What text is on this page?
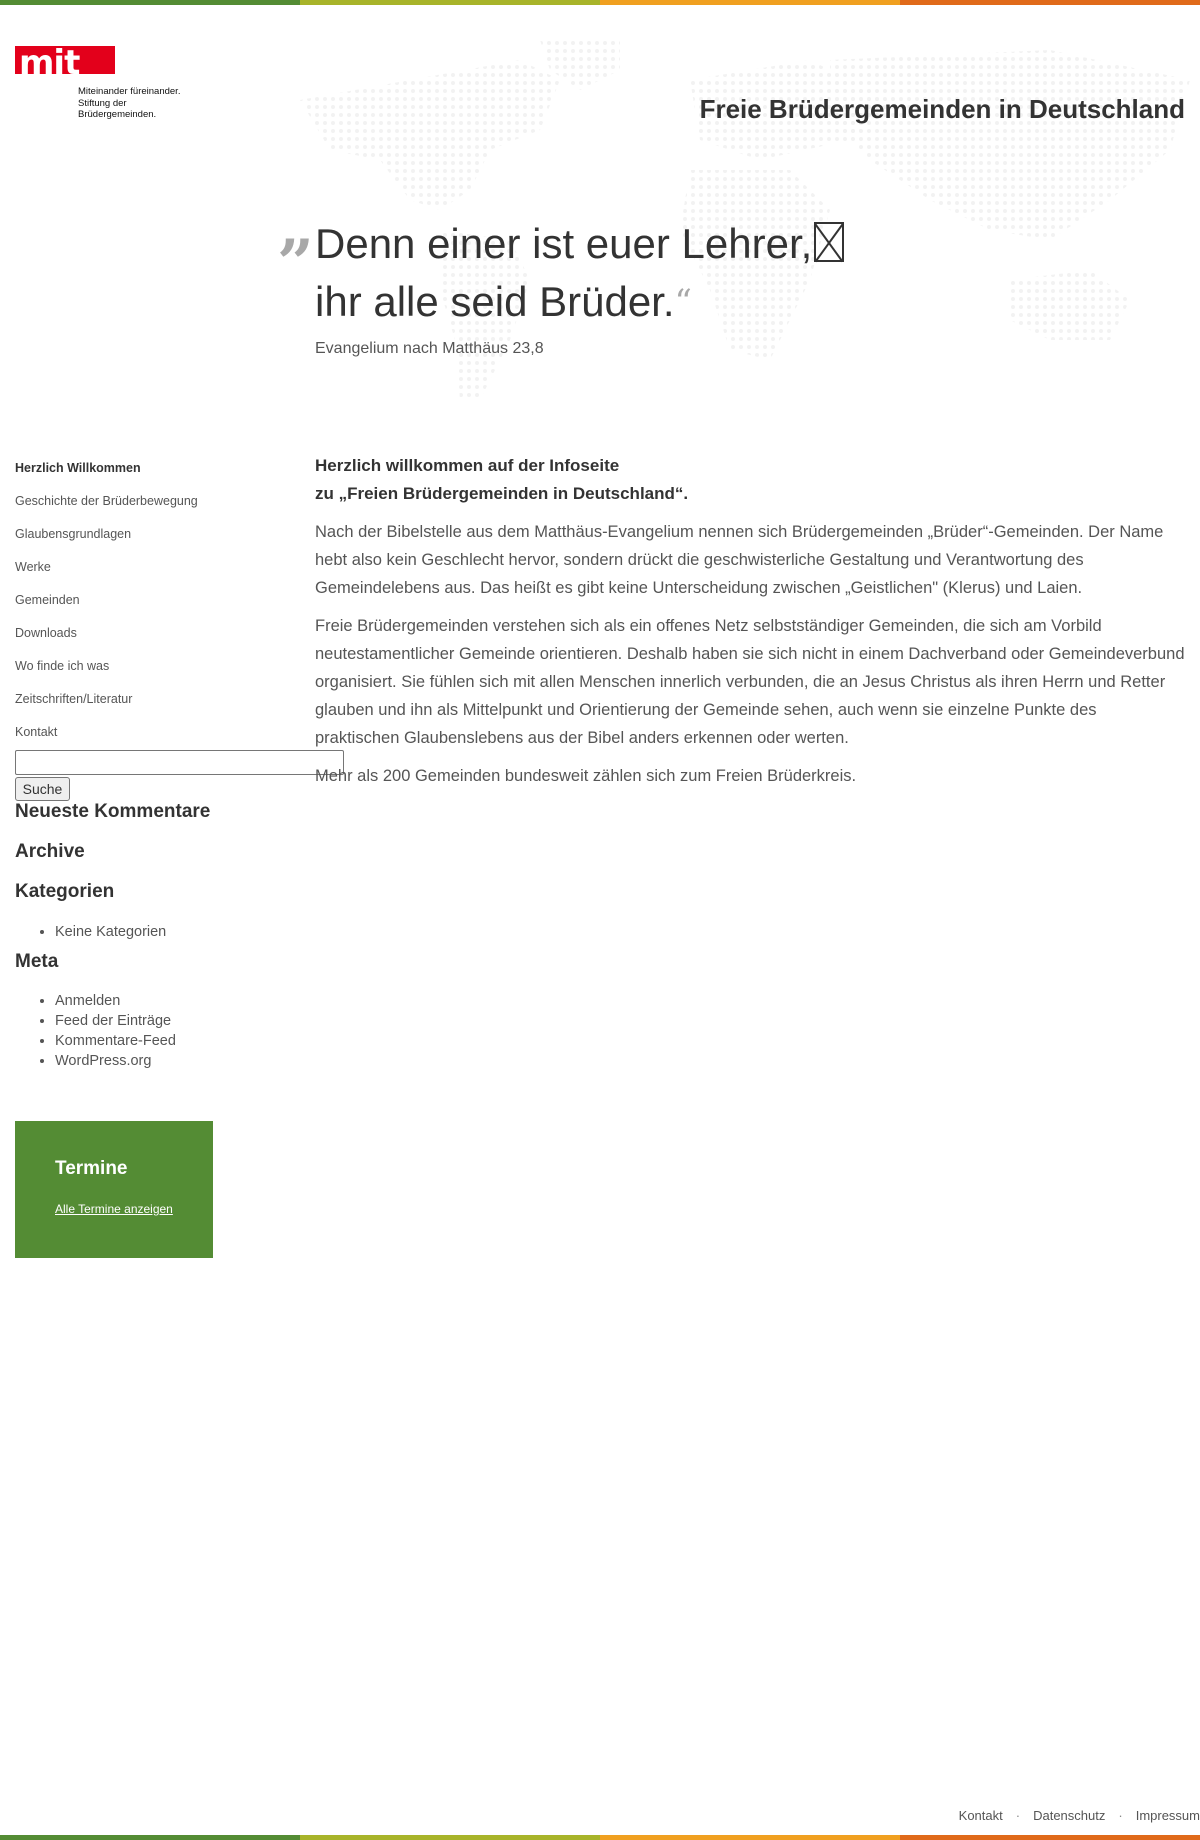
mit
Miteinander füreinander.
Stiftung der
Brüdergemeinden.	Freie Brüdergemeinden in Deutschland
” Denn einer ist euer Lehrer,
ihr alle seid Brüder.“
Evangelium nach Matthäus 23,8
Herzlich Willkommen
Geschichte der Brüderbewegung
Glaubensgrundlagen
Werke
Gemeinden
Downloads
Wo finde ich was
Zeitschriften/Literatur
Kontakt
Suche
Neueste Kommentare
Archive
Kategorien
• Keine Kategorien
Meta
• Anmelden
• Feed der Einträge
• Kommentare-Feed
• WordPress.org
Termine
Alle Termine anzeigen
Herzlich willkommen auf der Infoseite
zu „Freien Brüdergemeinden in Deutschland“.

Nach der Bibelstelle aus dem Matthäus-Evangelium nennen sich Brüdergemeinden „Brüder“-Gemeinden. Der Name hebt also kein Geschlecht hervor, sondern drückt die geschwisterliche Gestaltung und Verantwortung des Gemeindelebens aus. Das heißt es gibt keine Unterscheidung zwischen „Geistlichen" (Klerus) und Laien.

Freie Brüdergemeinden verstehen sich als ein offenes Netz selbstständiger Gemeinden, die sich am Vorbild neutestamentlicher Gemeinde orientieren. Deshalb haben sie sich nicht in einem Dachverband oder Gemeindeverbund organisiert. Sie fühlen sich mit allen Menschen innerlich verbunden, die an Jesus Christus als ihren Herrn und Retter glauben und ihn als Mittelpunkt und Orientierung der Gemeinde sehen, auch wenn sie einzelne Punkte des praktischen Glaubenslebens aus der Bibel anders erkennen oder werten.

Mehr als 200 Gemeinden bundesweit zählen sich zum Freien Brüderkreis.

Kontakt · Datenschutz · Impressum
